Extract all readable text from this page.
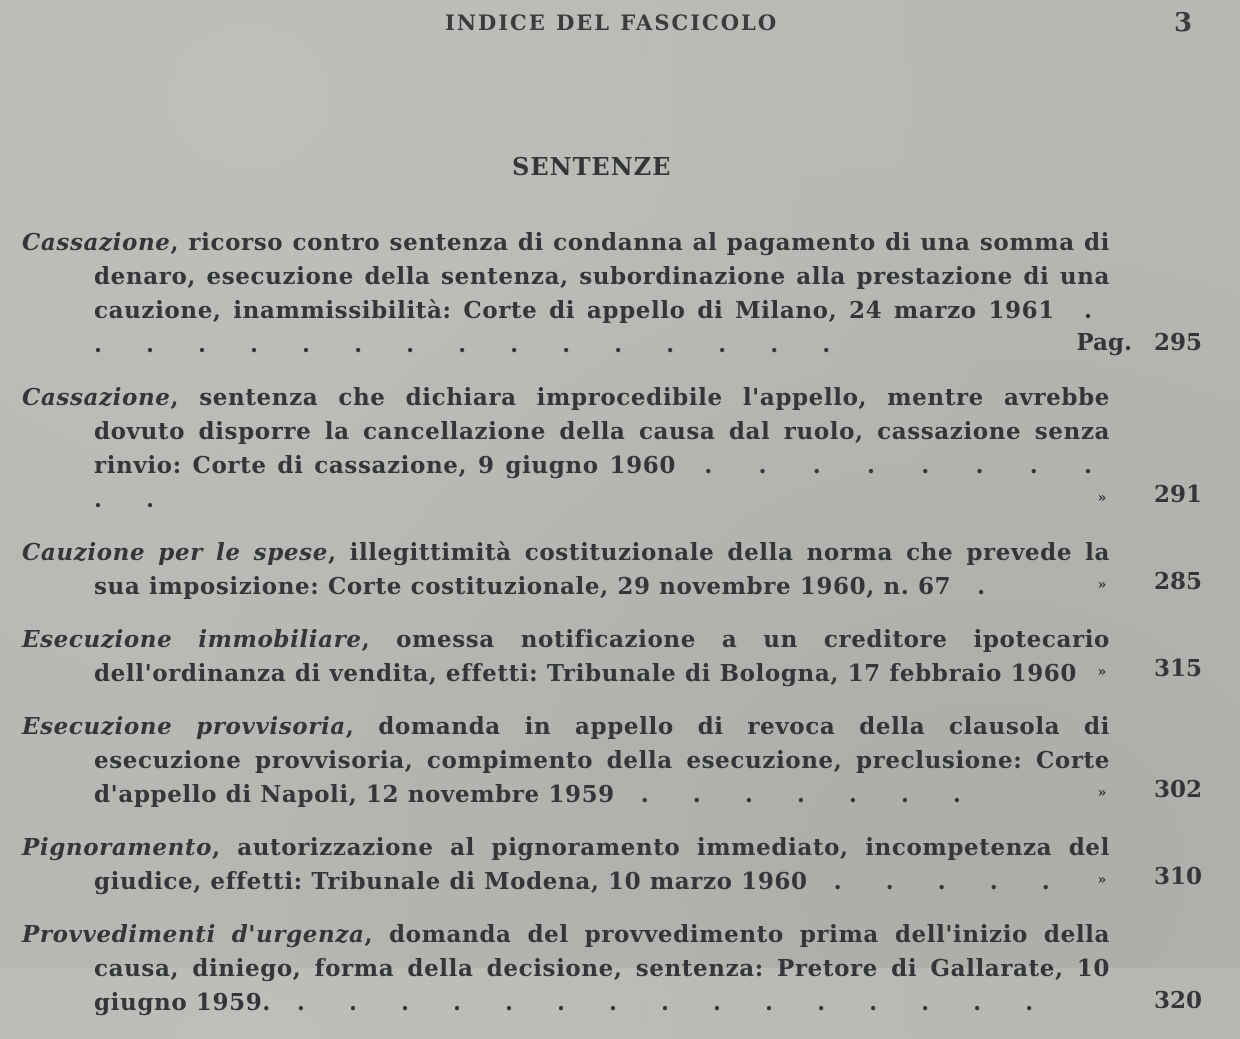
INDICE DEL FASCICOLO	3
SENTENZE
Cassazione, ricorso contro sentenza di condanna al pagamento di una somma di denaro, esecuzione della sentenza, subordinazione alla prestazione di una cauzione, inammissibilità: Corte di appello di Milano, 24 marzo 1961 . . . . . . . . . . . . . . . .	Pag. 295
Cassazione, sentenza che dichiara improcedibile l'appello, mentre avrebbe dovuto disporre la cancellazione della causa dal ruolo, cassazione senza rinvio: Corte di cassazione, 9 giugno 1960 . . . . . . . . . .	» 291
Cauzione per le spese, illegittimità costituzionale della norma che prevede la sua imposizione: Corte costituzionale, 29 novembre 1960, n. 67 .	» 285
Esecuzione immobiliare, omessa notificazione a un creditore ipotecario dell'ordinanza di vendita, effetti: Tribunale di Bologna, 17 febbraio 1960	» 315
Esecuzione provvisoria, domanda in appello di revoca della clausola di esecuzione provvisoria, compimento della esecuzione, preclusione: Corte d'appello di Napoli, 12 novembre 1959 . . . . . . .	» 302
Pignoramento, autorizzazione al pignoramento immediato, incompetenza del giudice, effetti: Tribunale di Modena, 10 marzo 1960 . . . . .	» 310
Provvedimenti d'urgenza, domanda del provvedimento prima dell'inizio della causa, diniego, forma della decisione, sentenza: Pretore di Gallarate, 10 giugno 1959. . . . . . . . . . . . . . . .	320
